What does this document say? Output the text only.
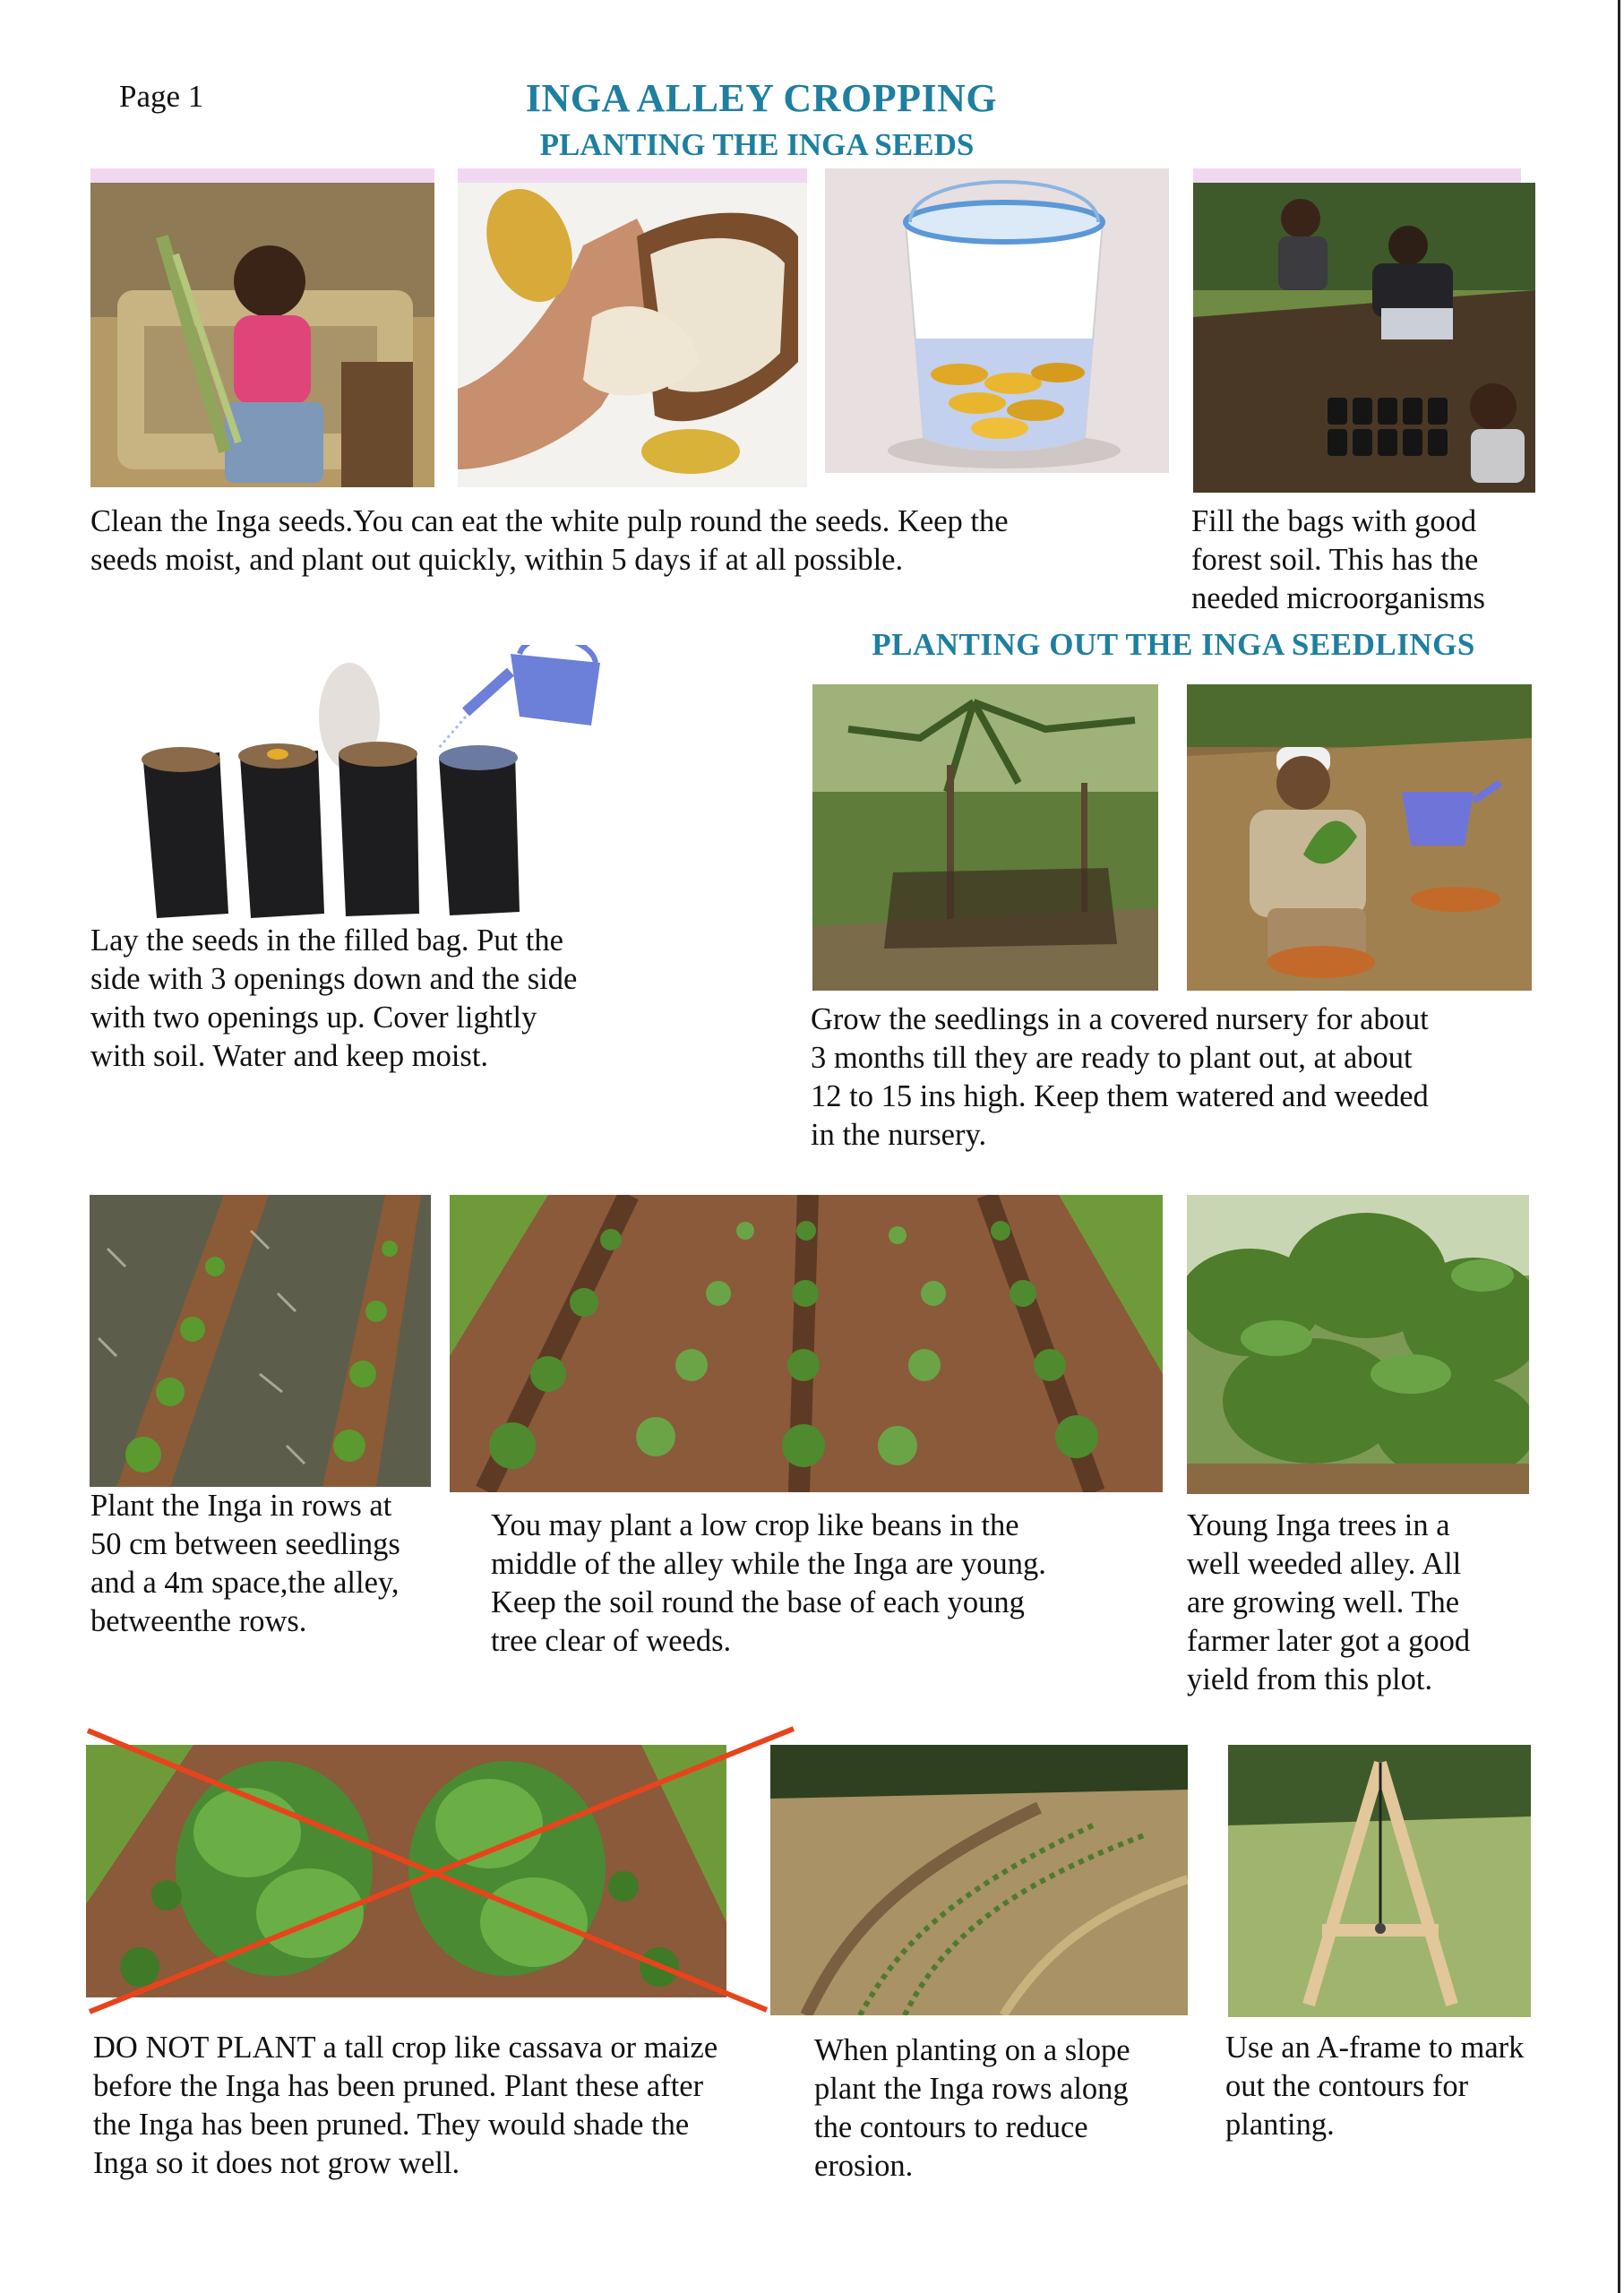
Page 1	INGA ALLEY CROPPING
PLANTING THE INGA SEEDS
Clean the Inga seeds.You can eat the white pulp round the seeds. Keep the
seeds moist, and plant out quickly, within 5 days if at all possible.
Fill the bags with good
forest soil. This has the
needed microorganisms
PLANTING OUT THE INGA SEEDLINGS
Lay the seeds in the filled bag. Put the
side with 3 openings down and the side
with two openings up. Cover lightly
with soil. Water and keep moist.
Grow the seedlings in a covered nursery for about
3 months till they are ready to plant out, at about
12 to 15 ins high. Keep them watered and weeded
in the nursery.
Plant the Inga in rows at
50 cm between seedlings
and a 4m space,the alley,
betweenthe rows.
You may plant a low crop like beans in the
middle of the alley while the Inga are young.
Keep the soil round the base of each young
tree clear of weeds.
Young Inga trees in a
well weeded alley. All
are growing well. The
farmer later got a good
yield from this plot.
DO NOT PLANT a tall crop like cassava or maize
before the Inga has been pruned. Plant these after
the Inga has been pruned. They would shade the
Inga so it does not grow well.
When planting on a slope
plant the Inga rows along
the contours to reduce
erosion.
Use an A-frame to mark
out the contours for
planting.
